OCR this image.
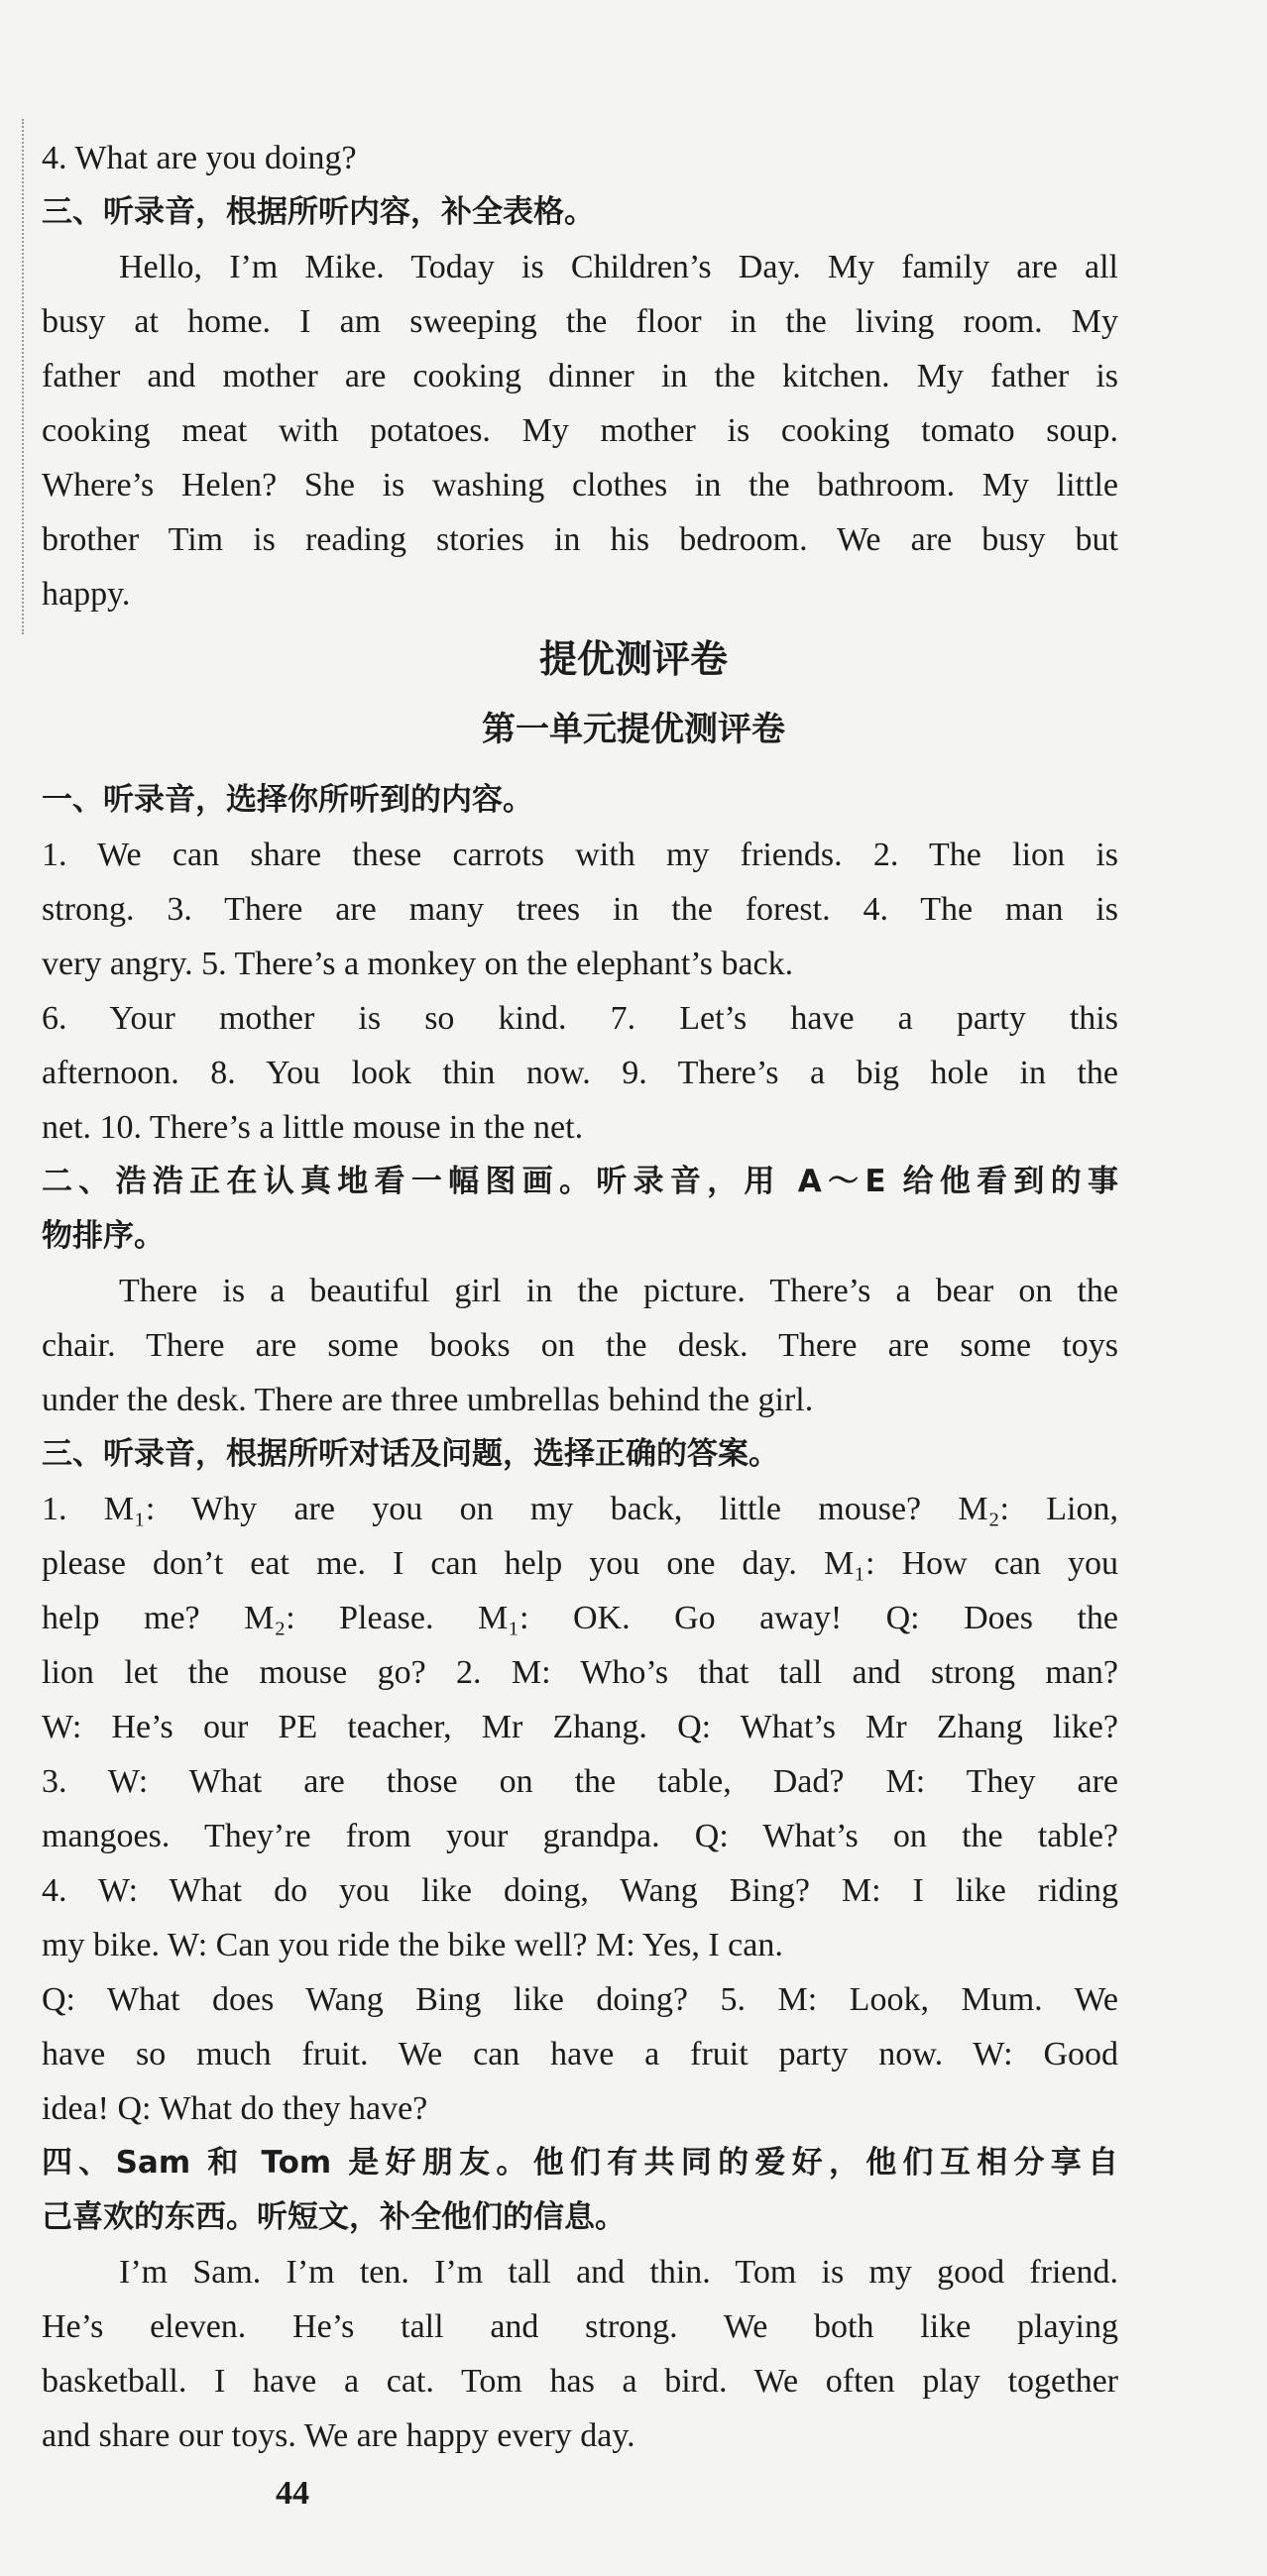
4. What are you doing?
三、听录音，根据所听内容，补全表格。
Hello, I’m Mike. Today is Children’s Day. My family are all
busy at home. I am sweeping the floor in the living room. My
father and mother are cooking dinner in the kitchen. My father is
cooking meat with potatoes. My mother is cooking tomato soup.
Where’s Helen? She is washing clothes in the bathroom. My little
brother Tim is reading stories in his bedroom. We are busy but
happy.
提优测评卷
第一单元提优测评卷
一、听录音，选择你所听到的内容。
1. We can share these carrots with my friends. 2. The lion is
strong. 3. There are many trees in the forest. 4. The man is
very angry. 5. There’s a monkey on the elephant’s back.
6. Your mother is so kind. 7. Let’s have a party this
afternoon. 8. You look thin now. 9. There’s a big hole in the
net. 10. There’s a little mouse in the net.
二、浩浩正在认真地看一幅图画。听录音，用 A～E 给他看到的事
物排序。
There is a beautiful girl in the picture. There’s a bear on the
chair. There are some books on the desk. There are some toys
under the desk. There are three umbrellas behind the girl.
三、听录音，根据所听对话及问题，选择正确的答案。
1. M₁: Why are you on my back, little mouse? M₂: Lion,
please don’t eat me. I can help you one day. M₁: How can you
help me? M₂: Please. M₁: OK. Go away! Q: Does the
lion let the mouse go? 2. M: Who’s that tall and strong man?
W: He’s our PE teacher, Mr Zhang. Q: What’s Mr Zhang like?
3. W: What are those on the table, Dad? M: They are
mangoes. They’re from your grandpa. Q: What’s on the table?
4. W: What do you like doing, Wang Bing? M: I like riding
my bike. W: Can you ride the bike well? M: Yes, I can.
Q: What does Wang Bing like doing? 5. M: Look, Mum. We
have so much fruit. We can have a fruit party now. W: Good
idea! Q: What do they have?
四、Sam 和 Tom 是好朋友。他们有共同的爱好，他们互相分享自
己喜欢的东西。听短文，补全他们的信息。
I’m Sam. I’m ten. I’m tall and thin. Tom is my good friend.
He’s eleven. He’s tall and strong. We both like playing
basketball. I have a cat. Tom has a bird. We often play together
and share our toys. We are happy every day.
44
